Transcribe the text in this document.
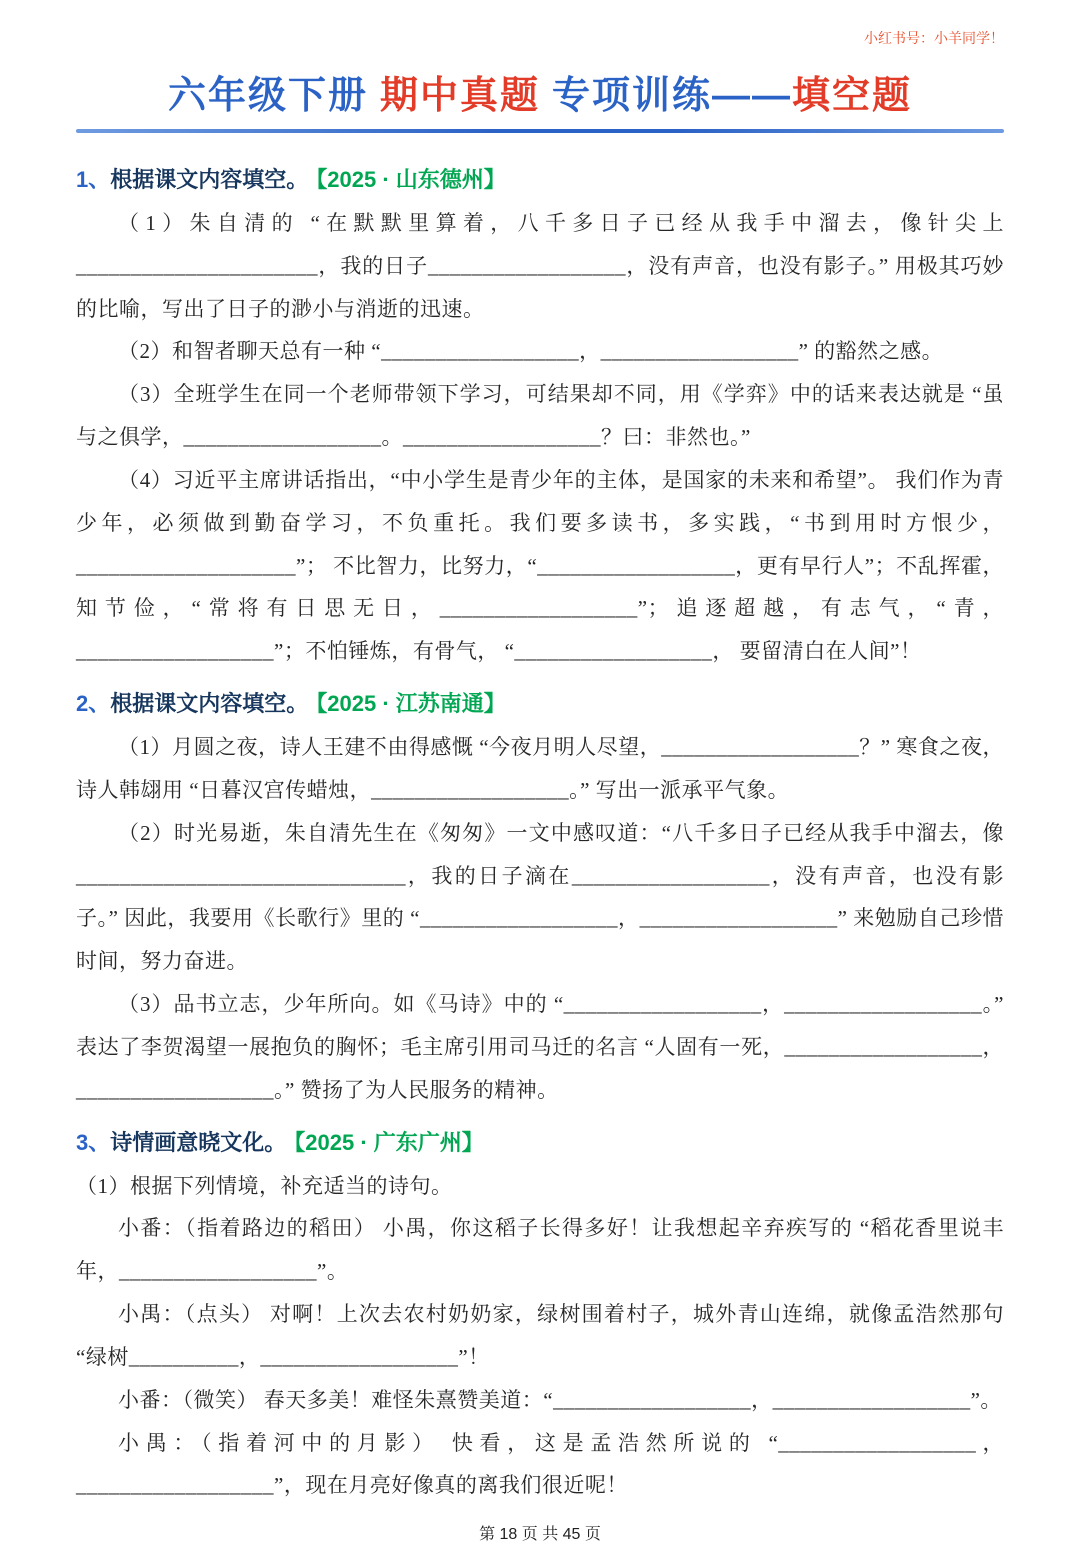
小红书号：小羊同学！
六年级下册 期中真题 专项训练——填空题
1、根据课文内容填空。 【2025 · 山东德州】

（1）朱自清的 “在默默里算着，八千多日子已经从我手中溜去，像针尖上______________________，我的日子__________________，没有声音，也没有影子。” 用极其巧妙的比喻，写出了日子的渺小与消逝的迅速。

（2）和智者聊天总有一种 “__________________，__________________” 的豁然之感。

（3）全班学生在同一个老师带领下学习，可结果却不同，用《学弈》中的话来表达就是 “虽与之俱学，__________________。__________________？曰：非然也。”

（4）习近平主席讲话指出，“中小学生是青少年的主体，是国家的未来和希望”。 我们作为青少年，必须做到勤奋学习，不负重托。我们要多读书，多实践，“书到用时方恨少，____________________”； 不比智力，比努力，“__________________，更有早行人”；不乱挥霍，知节俭，“常将有日思无日，__________________”；追逐超越，有志气，“青，__________________”；不怕锤炼，有骨气， “__________________， 要留清白在人间”！

2、根据课文内容填空。 【2025 · 江苏南通】

（1）月圆之夜，诗人王建不由得感慨 “今夜月明人尽望，__________________？” 寒食之夜，诗人韩翃用 “日暮汉宫传蜡烛，__________________。” 写出一派承平气象。

（2）时光易逝，朱自清先生在《匆匆》一文中感叹道：“八千多日子已经从我手中溜去，像______________________________，我的日子滴在__________________，没有声音，也没有影子。” 因此，我要用《长歌行》里的 “__________________，__________________” 来勉励自己珍惜时间，努力奋进。

（3）品书立志，少年所向。如《马诗》中的 “__________________，__________________。” 表达了李贺渴望一展抱负的胸怀；毛主席引用司马迁的名言 “人固有一死，__________________，__________________。” 赞扬了为人民服务的精神。

3、诗情画意晓文化。 【2025 · 广东广州】

（1）根据下列情境，补充适当的诗句。

小番：（指着路边的稻田） 小禺，你这稻子长得多好！让我想起辛弃疾写的 “稻花香里说丰年，__________________”。

小禺：（点头） 对啊！上次去农村奶奶家，绿树围着村子，城外青山连绵，就像孟浩然那句 “绿树__________，__________________”！

小番：（微笑） 春天多美！难怪朱熹赞美道：“__________________，__________________”。

小禺：（指着河中的月影） 快看，这是孟浩然所说的 “__________________，__________________”，现在月亮好像真的离我们很近呢！

第 18 页 共 45 页
